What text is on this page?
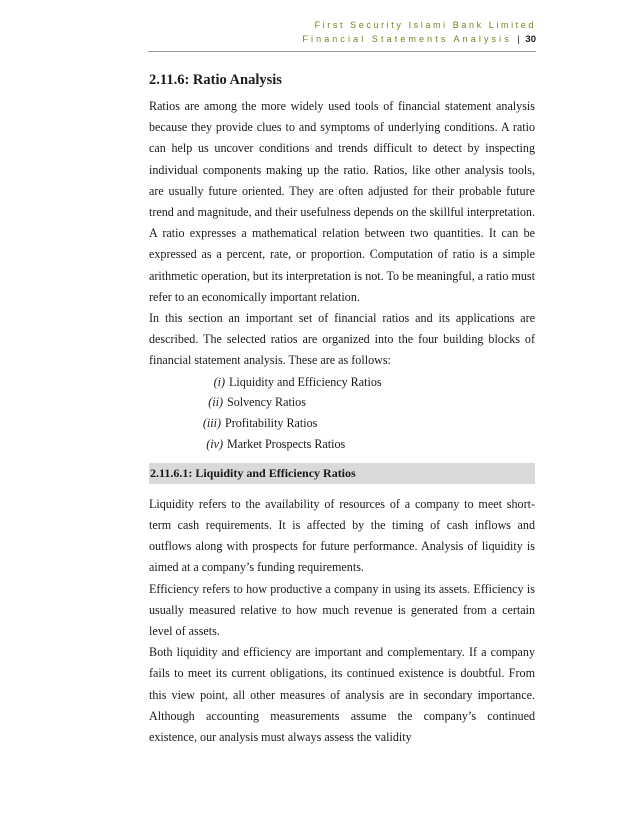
First Security Islami Bank Limited
Financial Statements Analysis | 30
2.11.6: Ratio Analysis

Ratios are among the more widely used tools of financial statement analysis because they provide clues to and symptoms of underlying conditions. A ratio can help us uncover conditions and trends difficult to detect by inspecting individual components making up the ratio. Ratios, like other analysis tools, are usually future oriented. They are often adjusted for their probable future trend and magnitude, and their usefulness depends on the skillful interpretation. A ratio expresses a mathematical relation between two quantities. It can be expressed as a percent, rate, or proportion. Computation of ratio is a simple arithmetic operation, but its interpretation is not. To be meaningful, a ratio must refer to an economically important relation.

In this section an important set of financial ratios and its applications are described. The selected ratios are organized into the four building blocks of financial statement analysis. These are as follows:

(i) Liquidity and Efficiency Ratios
(ii) Solvency Ratios
(iii) Profitability Ratios
(iv) Market Prospects Ratios
2.11.6.1: Liquidity and Efficiency Ratios

Liquidity refers to the availability of resources of a company to meet short-term cash requirements. It is affected by the timing of cash inflows and outflows along with prospects for future performance. Analysis of liquidity is aimed at a company’s funding requirements.

Efficiency refers to how productive a company in using its assets. Efficiency is usually measured relative to how much revenue is generated from a certain level of assets.

Both liquidity and efficiency are important and complementary. If a company fails to meet its current obligations, its continued existence is doubtful. From this view point, all other measures of analysis are in secondary importance. Although accounting measurements assume the company’s continued existence, our analysis must always assess the validity
